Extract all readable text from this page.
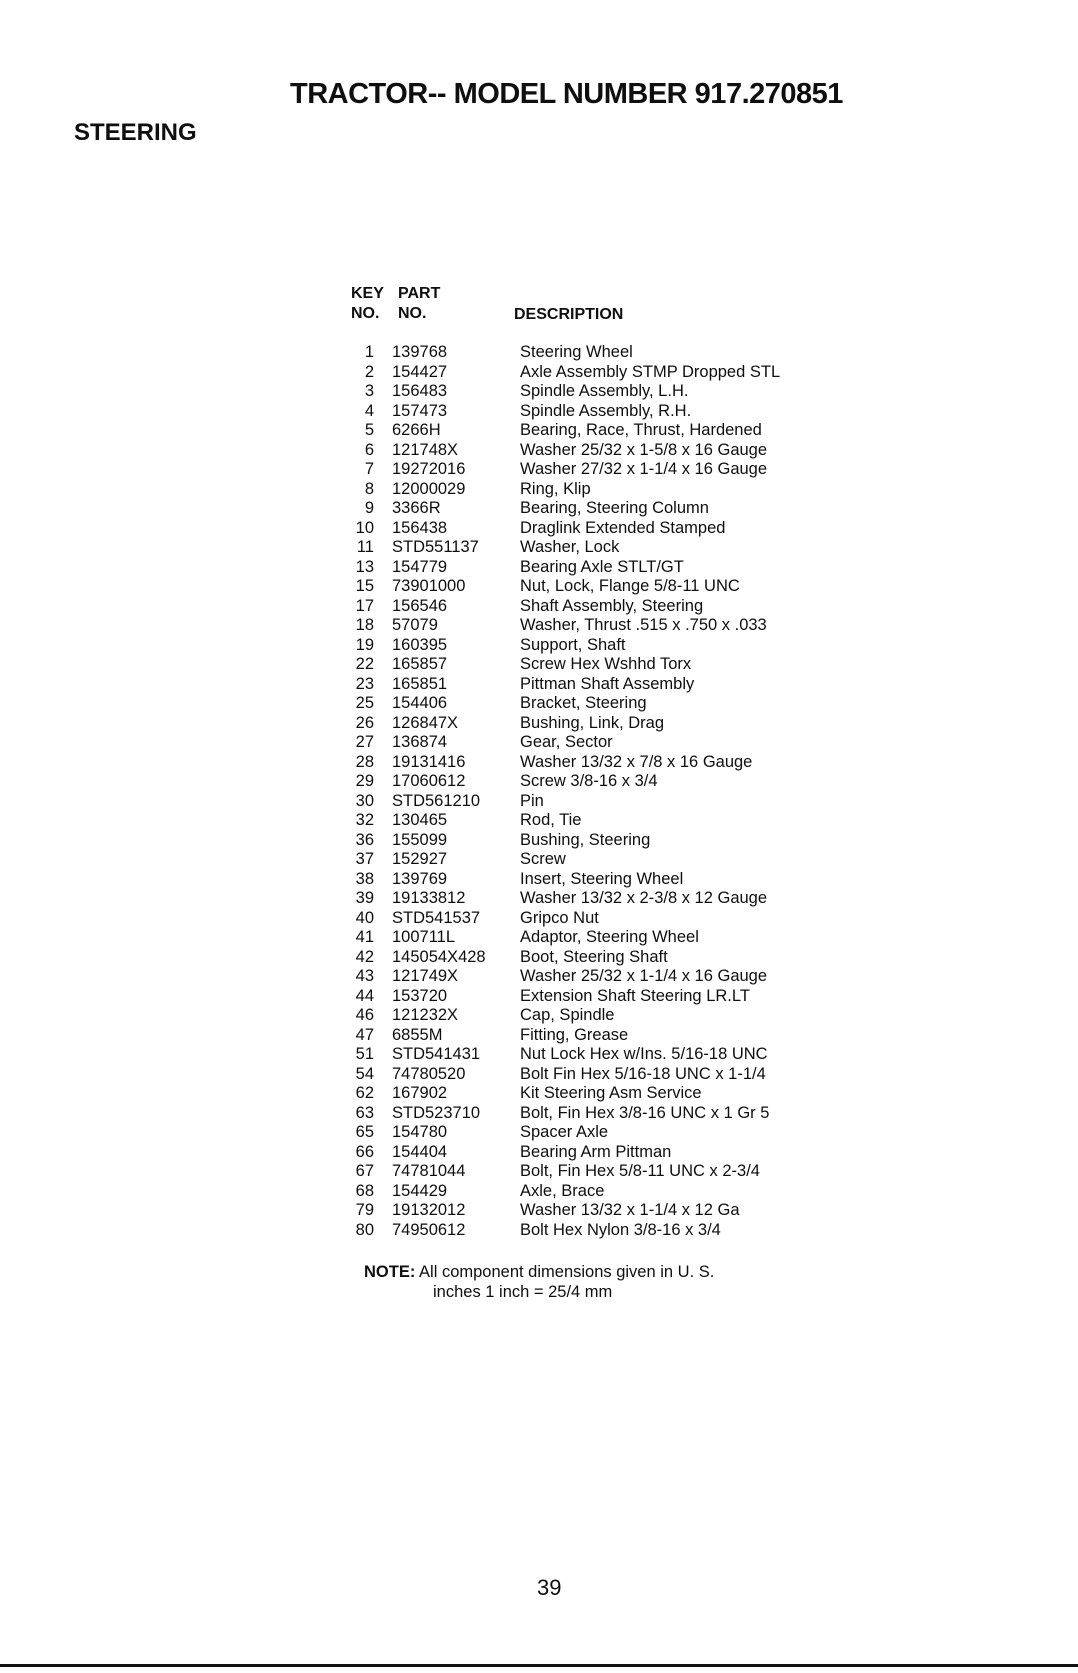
TRACTOR-- MODEL NUMBER 917.270851
STEERING
KEY PART
NO. NO.	DESCRIPTION
1 139768	Steering Wheel
2 154427	Axle Assembly STMP Dropped STL
3 156483	Spindle Assembly, L.H.
4 157473	Spindle Assembly, R.H.
5 6266H	Bearing, Race, Thrust, Hardened
6 121748X	Washer 25/32 x 1-5/8 x 16 Gauge
7 19272016	Washer 27/32 x 1-1/4 x 16 Gauge
8 12000029	Ring, Klip
9 3366R	Bearing, Steering Column
10 156438	Draglink Extended Stamped
11 STD551137 Washer, Lock
13 154779	Bearing Axle STLT/GT
15 73901000	Nut, Lock, Flange 5/8-11 UNC
17 156546	Shaft Assembly, Steering
18 57079	Washer, Thrust .515 x .750 x .033
19 160395	Support, Shaft
22 165857	Screw Hex Wshhd Torx
23 165851	Pittman Shaft Assembly
25 154406	Bracket, Steering
26 126847X	Bushing, Link, Drag
27 136874	Gear, Sector
28 19131416	Washer 13/32 x 7/8 x 16 Gauge
29 17060612	Screw 3/8-16 x 3/4
30 STD561210 Pin
32 130465	Rod, Tie
36 155099	Bushing, Steering
37 152927	Screw
38 139769	Insert, Steering Wheel
39 19133812	Washer 13/32 x 2-3/8 x 12 Gauge
40 STD541537 Gripco Nut
41 100711L	Adaptor, Steering Wheel
42 145054X428 Boot, Steering Shaft
43 121749X	Washer 25/32 x 1-1/4 x 16 Gauge
44 153720	Extension Shaft Steering LR.LT
46 121232X	Cap, Spindle
47 6855M	Fitting, Grease
51 STD541431 Nut Lock Hex w/Ins. 5/16-18 UNC
54 74780520	Bolt Fin Hex 5/16-18 UNC x 1-1/4
62 167902	Kit Steering Asm Service
63 STD523710 Bolt, Fin Hex 3/8-16 UNC x 1 Gr 5
65 154780	Spacer Axle
66 154404	Bearing Arm Pittman
67 74781044	Bolt, Fin Hex 5/8-11 UNC x 2-3/4
68 154429	Axle, Brace
79 19132012	Washer 13/32 x 1-1/4 x 12 Ga
80 74950612	Bolt Hex Nylon 3/8-16 x 3/4
NOTE: All component dimensions given in U. S.
inches 1 inch = 25/4 mm
39
